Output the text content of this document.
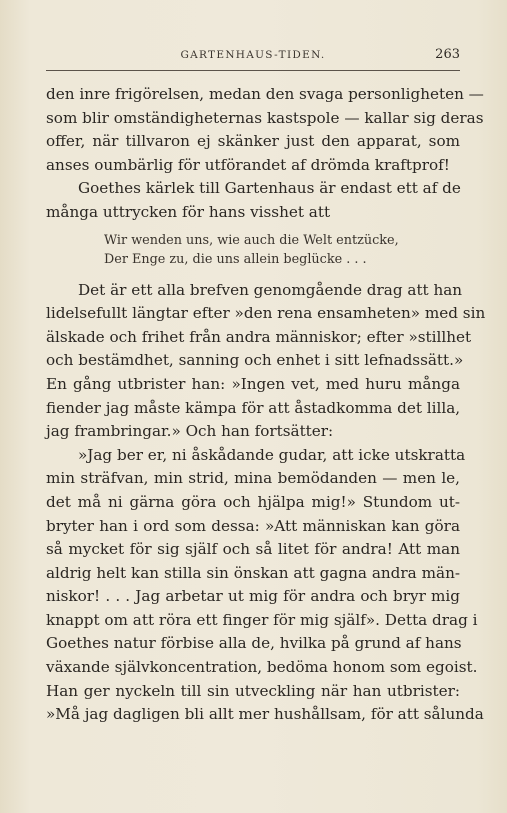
GARTENHAUS-TIDEN.	263
den inre frigörelsen, medan den svaga personligheten —
som blir omständigheternas kastspole — kallar sig deras
offer, när tillvaron ej skänker just den apparat, som
anses oumbärlig för utförandet af drömda kraftprof!
Goethes kärlek till Gartenhaus är endast ett af de
många uttrycken för hans visshet att
Wir wenden uns, wie auch die Welt entzücke,
Der Enge zu, die uns allein beglücke . . .
Det är ett alla brefven genomgående drag att han
lidelsefullt längtar efter »den rena ensamheten» med sin
älskade och frihet från andra människor; efter »stillhet
och bestämdhet, sanning och enhet i sitt lefnadssätt.»
En gång utbrister han: »Ingen vet, med huru många
fiender jag måste kämpa för att åstadkomma det lilla,
jag frambringar.» Och han fortsätter:
»Jag ber er, ni åskådande gudar, att icke utskratta
min sträfvan, min strid, mina bemödanden — men le,
det må ni gärna göra och hjälpa mig!» Stundom ut-
bryter han i ord som dessa: »Att människan kan göra
så mycket för sig själf och så litet för andra! Att man
aldrig helt kan stilla sin önskan att gagna andra män-
niskor! . . . Jag arbetar ut mig för andra och bryr mig
knappt om att röra ett finger för mig själf». Detta drag i
Goethes natur förbise alla de, hvilka på grund af hans
växande självkoncentration, bedöma honom som egoist.
Han ger nyckeln till sin utveckling när han utbrister:
»Må jag dagligen bli allt mer hushållsam, för att sålunda
